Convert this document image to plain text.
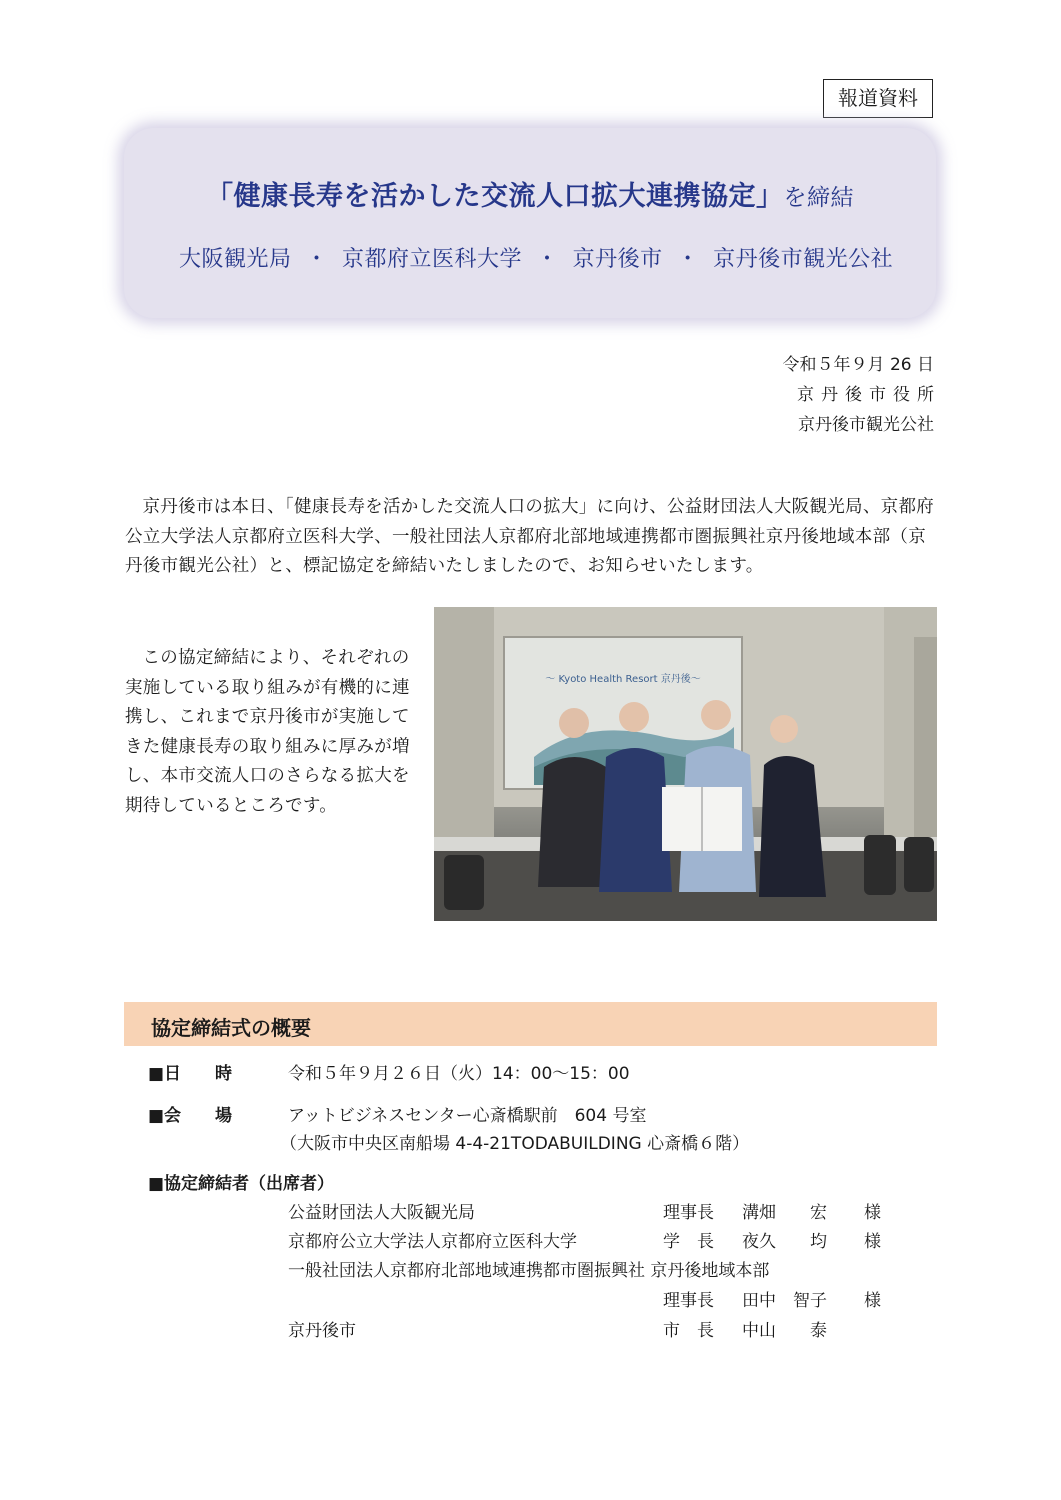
報道資料
「健康長寿を活かした交流人口拡大連携協定」を締結
大阪観光局 ・ 京都府立医科大学 ・ 京丹後市 ・ 京丹後市観光公社
令和５年９月 26 日
京丹後市役所
京丹後市観光公社

京丹後市は本日、「健康長寿を活かした交流人口の拡大」に向け、公益財団法人大阪観光局、京都府公立大学法人京都府立医科大学、一般社団法人京都府北部地域連携都市圏振興社京丹後地域本部（京丹後市観光公社）と、標記協定を締結いたしましたので、お知らせいたします。

この協定締結により、それぞれの実施している取り組みが有機的に連携し、これまで京丹後市が実施してきた健康長寿の取り組みに厚みが増し、本市交流人口のさらなる拡大を期待しているところです。

～ Kyoto Health Resort 京丹後～
協定締結式の概要
■日　　時	令和５年９月２６日（火）14：00～15：00
■会　　場	アットビジネスセンター心斎橋駅前　604 号室
（大阪市中央区南船場 4-4-21TODABUILDING 心斎橋６階）
■協定締結者（出席者）
公益財団法人大阪観光局	理事長 溝畑　　宏 様
京都府公立大学法人京都府立医科大学	学　長 夜久　　均 様
一般社団法人京都府北部地域連携都市圏振興社 京丹後地域本部
理事長 田中　智子 様
京丹後市	市　長 中山　　泰
